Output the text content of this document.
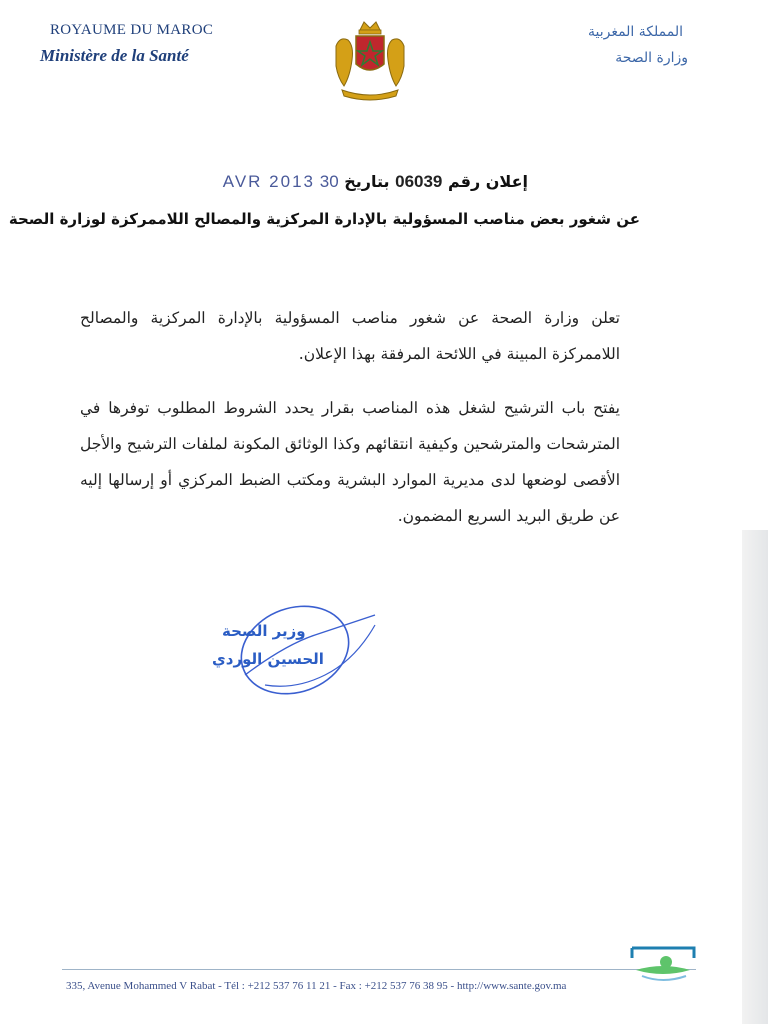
ROYAUME DU MAROC
Ministère de la Santé
المملكة المغربية
وزارة الصحة
إعلان رقم 06039 بتاريخ 30 AVR 2013
عن شغور بعض مناصب المسؤولية بالإدارة المركزية والمصالح اللاممركزة لوزارة الصحة

تعلن وزارة الصحة عن شغور مناصب المسؤولية بالإدارة المركزية والمصالح اللاممركزة المبينة في اللائحة المرفقة بهذا الإعلان.

يفتح باب الترشيح لشغل هذه المناصب بقرار يحدد الشروط المطلوب توفرها في المترشحات والمترشحين وكيفية انتقائهم وكذا الوثائق المكونة لملفات الترشيح والأجل الأقصى لوضعها لدى مديرية الموارد البشرية ومكتب الضبط المركزي أو إرسالها إليه عن طريق البريد السريع المضمون.

وزير الصحة
الحسين الوردي
335, Avenue Mohammed V Rabat - Tél : +212 537 76 11 21 - Fax : +212 537 76 38 95 - http://www.sante.gov.ma
